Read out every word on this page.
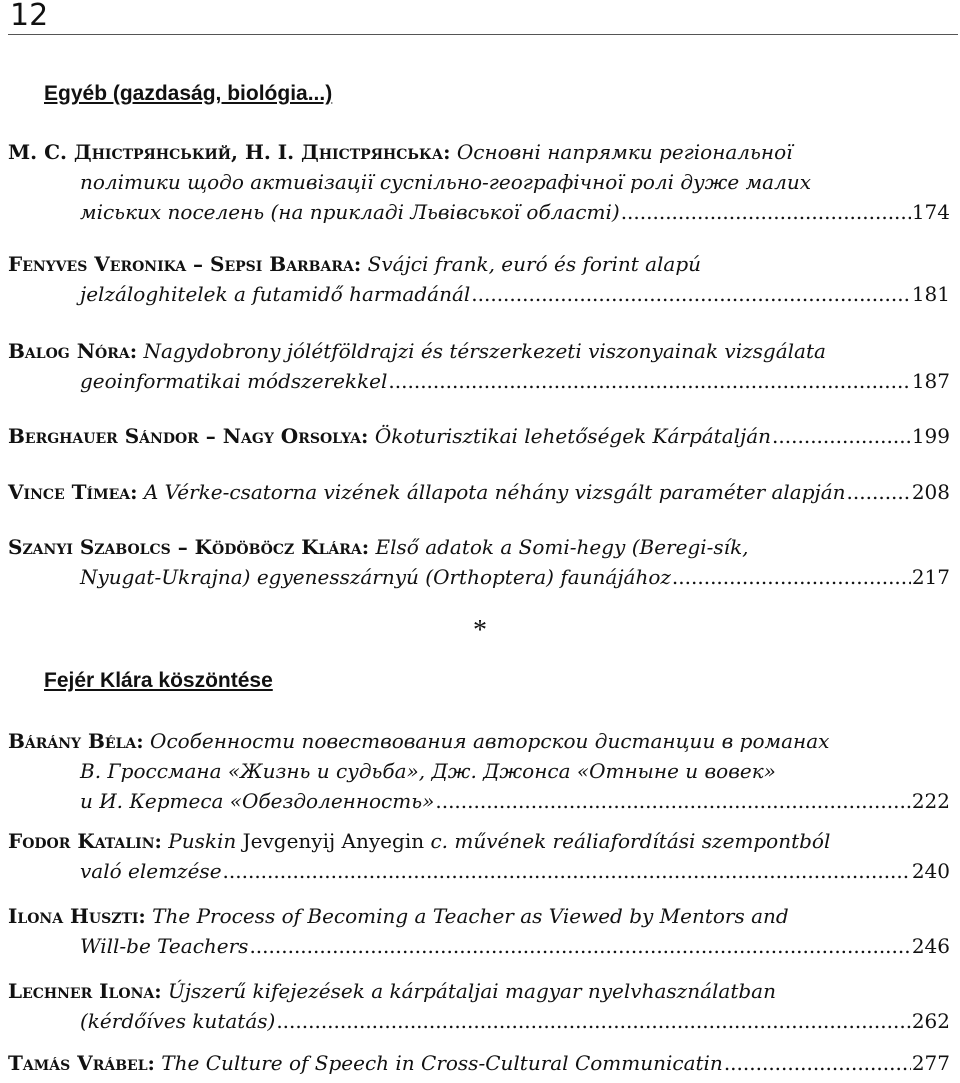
12
Egyéb (gazdaság, biológia...)
М. С. Дністрянський, Н. І. Дністрянська: Основні напрямки регіональної
політики щодо активізації суспільно-географічної ролі дуже малих
міських поселень (на прикладі Львівської області) .....	174
Fenyves Veronika – Sepsi Barbara: Svájci frank, euró és forint alapú
jelzáloghitelek a futamidő harmadánál .....	181
Balog Nóra: Nagydobrony jólétföldrajzi és térszerkezeti viszonyainak vizsgálata
geoinformatikai módszerekkel .....	187
Berghauer Sándor – Nagy Orsolya:
Ökoturisztikai lehetőségek Kárpátalján .....	199
Vince Tímea:
A Vérke-csatorna vizének állapota néhány vizsgált paraméter alapján .....	208
Szanyi Szabolcs – Ködöböcz Klára: Első adatok a Somi-hegy (Beregi-sík,
Nyugat-Ukrajna) egyenesszárnyú (Orthoptera) faunájához .....	217
*
Fejér Klára köszöntése
Bárány Béla: Особенности повествования авторскои дистанции в романах
В. Гроссмана «Жизнь и судьба», Дж. Джонса «Отныне и вовек»
и И. Кертеса «Обездоленность» .....	222
Fodor Katalin: Puskin Jevgenyij Anyegin c. művének reáliafordítási szempontból
való elemzése .....	240
Ilona Huszti: The Process of Becoming a Teacher as Viewed by Mentors and
Will-be Teachers .....	246
Lechner Ilona: Újszerű kifejezések a kárpátaljai magyar nyelvhasználatban
(kérdőíves kutatás) .....	262
Tamás Vrábel:
The Culture of Speech in Cross-Cultural Communicatin .....	277
